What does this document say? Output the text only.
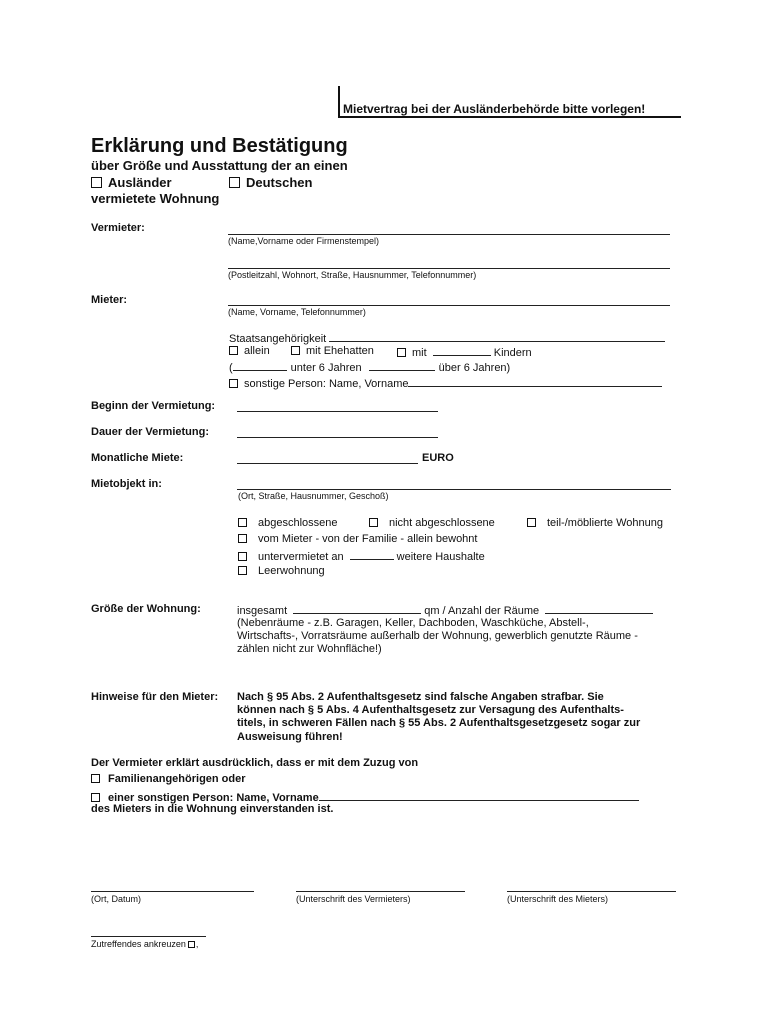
Mietvertrag bei der Ausländerbehörde bitte vorlegen!
Erklärung und Bestätigung
über Größe und Ausstattung der an einen
Ausländer	Deutschen
vermietete Wohnung
Vermieter:
(Name,Vorname oder Firmenstempel)
(Postleitzahl, Wohnort, Straße, Hausnummer, Telefonnummer)
Mieter:
(Name, Vorname, Telefonnummer)
Staatsangehörigkeit
allein	mit Ehehatten	mit	Kindern
(	unter 6 Jahren	über 6 Jahren)
sonstige Person: Name, Vorname
Beginn der Vermietung:
Dauer der Vermietung:
Monatliche Miete:	EURO
Mietobjekt in:
(Ort, Straße, Hausnummer, Geschoß)
abgeschlossene	nicht abgeschlossene	teil-/möblierte Wohnung
vom Mieter - von der Familie - allein bewohnt
untervermietet an	weitere Haushalte
Leerwohnung
Größe der Wohnung:	insgesamt	qm / Anzahl der Räume
(Nebenräume - z.B. Garagen, Keller, Dachboden, Waschküche, Abstell-,
Wirtschafts-, Vorratsräume außerhalb der Wohnung, gewerblich genutzte Räume -
zählen nicht zur Wohnfläche!)
Hinweise für den Mieter: Nach § 95 Abs. 2 Aufenthaltsgesetz sind falsche Angaben strafbar. Sie
können nach § 5 Abs. 4 Aufenthaltsgesetz zur Versagung des Aufenthalts-
titels, in schweren Fällen nach § 55 Abs. 2 Aufenthaltsgesetzgesetz sogar zur
Ausweisung führen!
Der Vermieter erklärt ausdrücklich, dass er mit dem Zuzug von
Familienangehörigen oder
einer sonstigen Person: Name, Vorname
des Mieters in die Wohnung einverstanden ist.
(Ort, Datum)	(Unterschrift des Vermieters)	(Unterschrift des Mieters)
Zutreffendes ankreuzen ,
